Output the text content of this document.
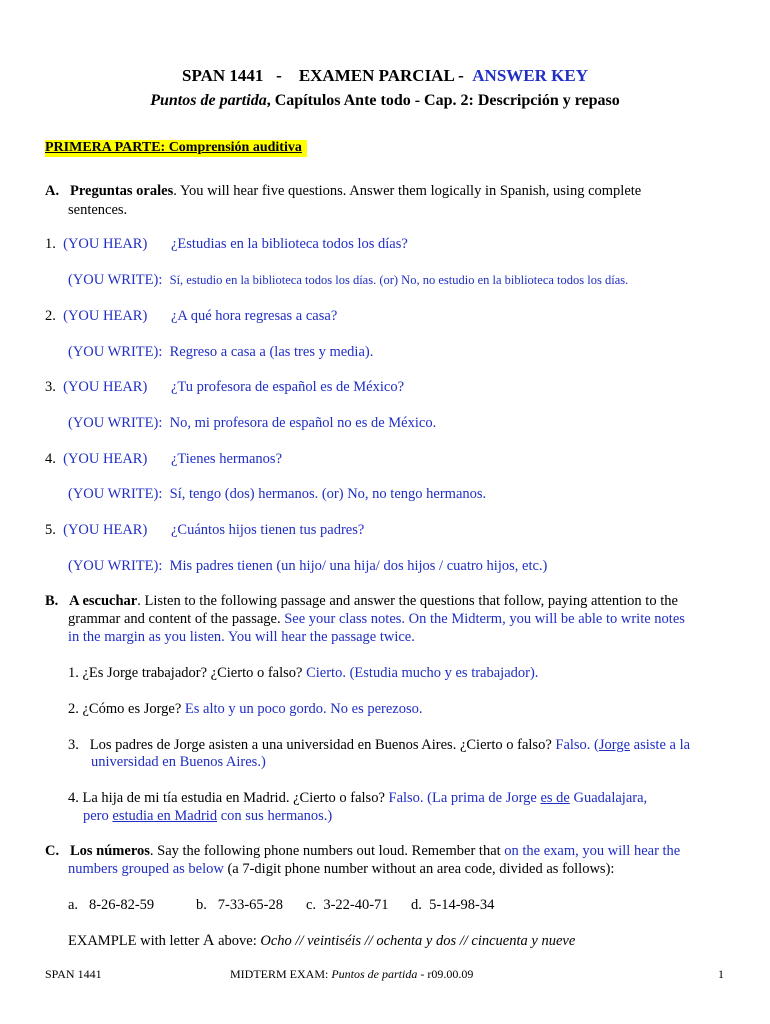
SPAN 1441 - EXAMEN PARCIAL - ANSWER KEY
Puntos de partida, Capítulos Ante todo - Cap. 2: Descripción y repaso
PRIMERA PARTE: Comprensión auditiva
A. Preguntas orales. You will hear five questions. Answer them logically in Spanish, using complete
sentences.
1. (YOU HEAR) ¿Estudias en la biblioteca todos los días?
(YOU WRITE): Sí, estudio en la biblioteca todos los días. (or) No, no estudio en la biblioteca todos los días.
2. (YOU HEAR) ¿A qué hora regresas a casa?
(YOU WRITE): Regreso a casa a (las tres y media).
3. (YOU HEAR) ¿Tu profesora de español es de México?
(YOU WRITE): No, mi profesora de español no es de México.
4. (YOU HEAR) ¿Tienes hermanos?
(YOU WRITE): Sí, tengo (dos) hermanos. (or) No, no tengo hermanos.
5. (YOU HEAR) ¿Cuántos hijos tienen tus padres?
(YOU WRITE): Mis padres tienen (un hijo/ una hija/ dos hijos / cuatro hijos, etc.)
B. A escuchar. Listen to the following passage and answer the questions that follow, paying attention to the
grammar and content of the passage. See your class notes. On the Midterm, you will be able to write notes
in the margin as you listen. You will hear the passage twice.
1. ¿Es Jorge trabajador? ¿Cierto o falso? Cierto. (Estudia mucho y es trabajador).
2. ¿Cómo es Jorge? Es alto y un poco gordo. No es perezoso.
3. Los padres de Jorge asisten a una universidad en Buenos Aires. ¿Cierto o falso? Falso. (Jorge asiste a la
universidad en Buenos Aires.)
4. La hija de mi tía estudia en Madrid. ¿Cierto o falso? Falso. (La prima de Jorge es de Guadalajara,
pero estudia en Madrid con sus hermanos.)
C. Los números. Say the following phone numbers out loud. Remember that on the exam, you will hear the
numbers grouped as below (a 7-digit phone number without an area code, divided as follows):
a. 8-26-82-59	b. 7-33-65-28 c. 3-22-40-71 d. 5-14-98-34
EXAMPLE with letter A above: Ocho // veintiséis // ochenta y dos // cincuenta y nueve
SPAN 1441	MIDTERM EXAM: Puntos de partida - r09.00.09	1
